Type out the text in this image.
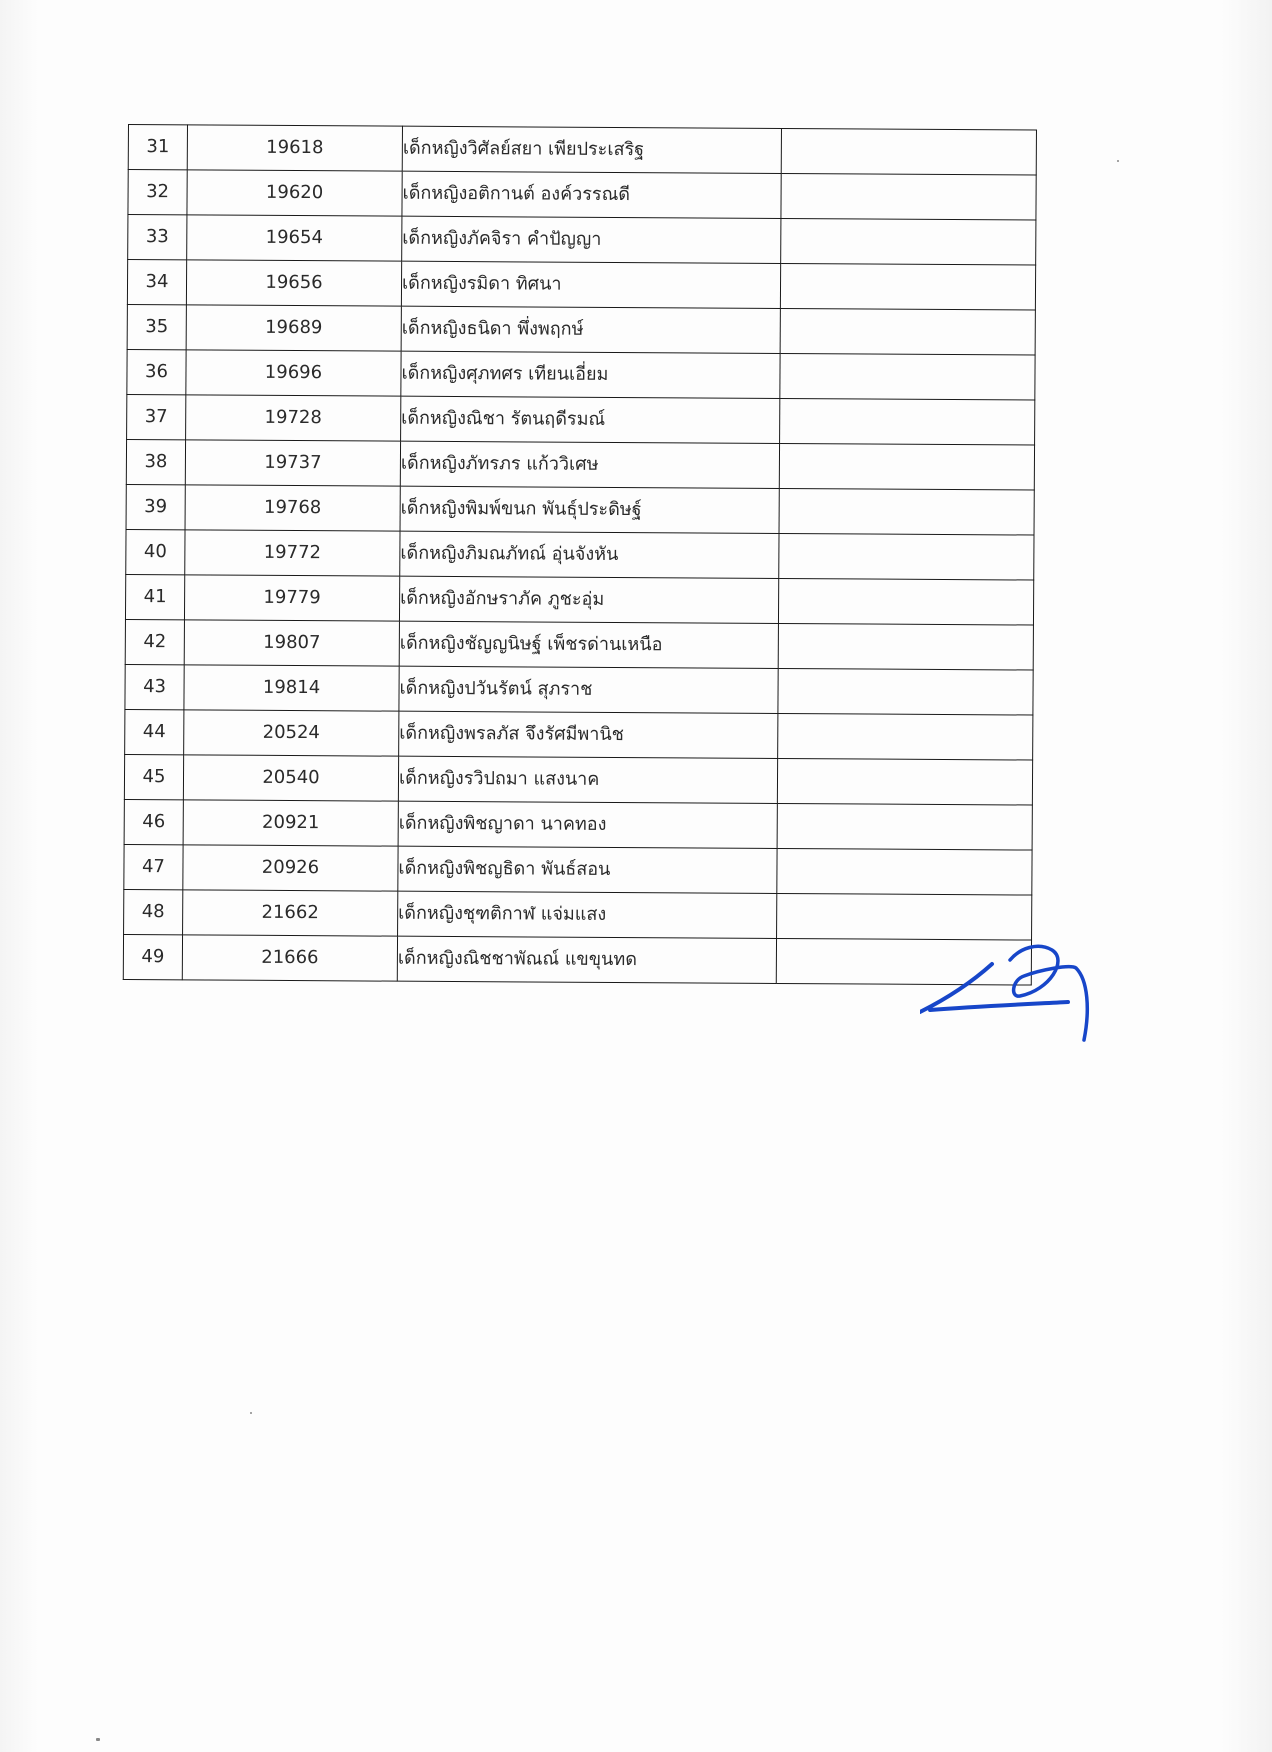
31	19618	เด็กหญิงวิศัลย์สยา เพียประเสริฐ	
32	19620	เด็กหญิงอติกานต์ องค์วรรณดี	
33	19654	เด็กหญิงภัคจิรา คำปัญญา	
34	19656	เด็กหญิงรมิดา ทิศนา	
35	19689	เด็กหญิงธนิดา พึ่งพฤกษ์	
36	19696	เด็กหญิงศุภทศร เทียนเอี่ยม	
37	19728	เด็กหญิงณิชา รัตนฤดีรมณ์	
38	19737	เด็กหญิงภัทรภร แก้ววิเศษ	
39	19768	เด็กหญิงพิมพ์ขนก พันธุ์ประดิษฐ์	
40	19772	เด็กหญิงภิมณภัทณ์ อุ่นจังหัน	
41	19779	เด็กหญิงอักษราภัค ภูชะอุ่ม	
42	19807	เด็กหญิงชัญญนิษฐ์ เพ็ชรด่านเหนือ	
43	19814	เด็กหญิงปวันรัตน์ สุภราช	
44	20524	เด็กหญิงพรลภัส จึงรัศมีพานิช	
45	20540	เด็กหญิงรวิปถมา แสงนาค	
46	20921	เด็กหญิงพิชญาดา นาคทอง	
47	20926	เด็กหญิงพิชญธิดา พันธ์สอน	
48	21662	เด็กหญิงชุฑติกาฬ แจ่มแสง	
49	21666	เด็กหญิงณิชชาพัณณ์ แขขุนทด	
